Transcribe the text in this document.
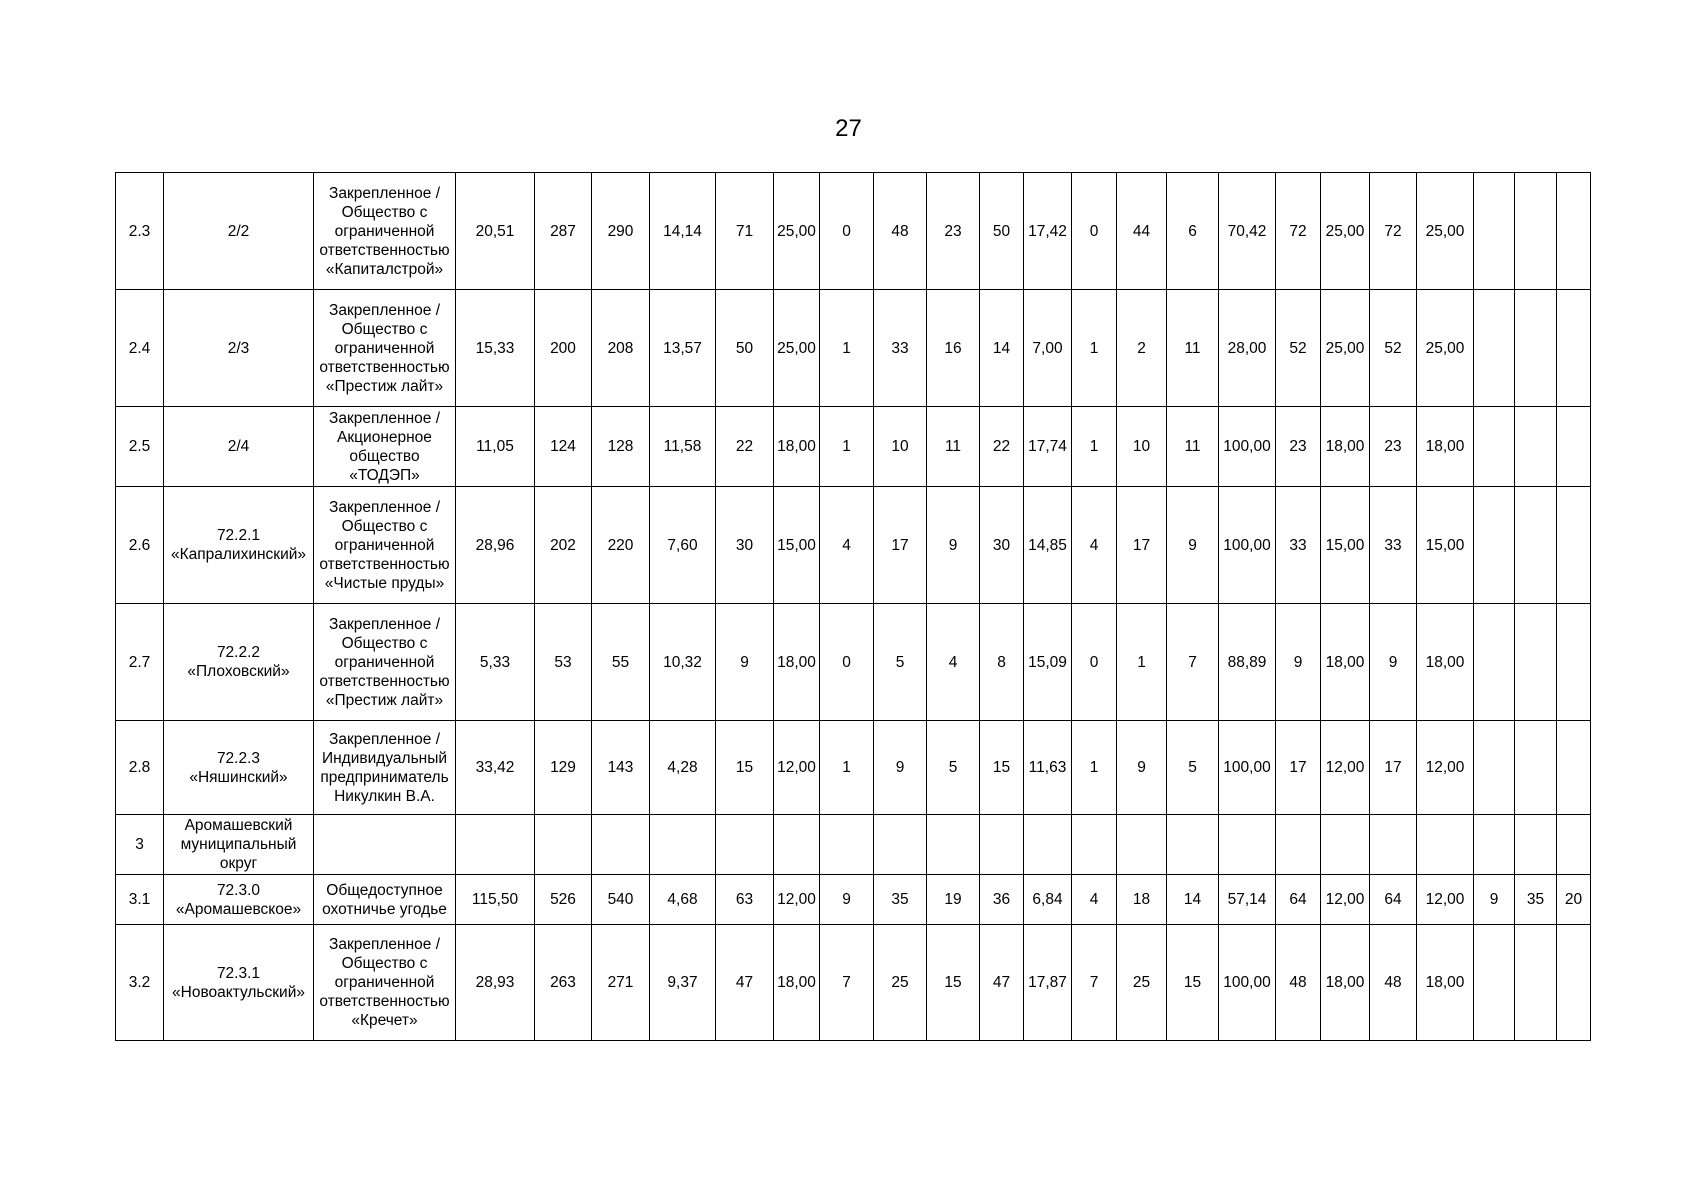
27
2.3	2/2	Закрепленное /
Общество с
ограниченной
ответственностью
«Капиталстрой»	20,51	287	290	14,14	71	25,00	0	48	23	50	17,42	0	44	6	70,42	72	25,00	72	25,00			
2.4	2/3	Закрепленное /
Общество с
ограниченной
ответственностью
«Престиж лайт»	15,33	200	208	13,57	50	25,00	1	33	16	14	7,00	1	2	11	28,00	52	25,00	52	25,00			
2.5	2/4	Закрепленное /
Акционерное
общество
«ТОДЭП»	11,05	124	128	11,58	22	18,00	1	10	11	22	17,74	1	10	11	100,00	23	18,00	23	18,00			
2.6	72.2.1
«Капралихинский»	Закрепленное /
Общество с
ограниченной
ответственностью
«Чистые пруды»	28,96	202	220	7,60	30	15,00	4	17	9	30	14,85	4	17	9	100,00	33	15,00	33	15,00			
2.7	72.2.2
«Плоховский»	Закрепленное /
Общество с
ограниченной
ответственностью
«Престиж лайт»	5,33	53	55	10,32	9	18,00	0	5	4	8	15,09	0	1	7	88,89	9	18,00	9	18,00			
2.8	72.2.3
«Няшинский»	Закрепленное /
Индивидуальный
предприниматель
Никулкин В.А.	33,42	129	143	4,28	15	12,00	1	9	5	15	11,63	1	9	5	100,00	17	12,00	17	12,00			
3	Аромашевский
муниципальный
округ																							
3.1	72.3.0
«Аромашевское»	Общедоступное
охотничье угодье	115,50	526	540	4,68	63	12,00	9	35	19	36	6,84	4	18	14	57,14	64	12,00	64	12,00	9	35	20
3.2	72.3.1
«Новоактульский»	Закрепленное /
Общество с
ограниченной
ответственностью
«Кречет»	28,93	263	271	9,37	47	18,00	7	25	15	47	17,87	7	25	15	100,00	48	18,00	48	18,00			
